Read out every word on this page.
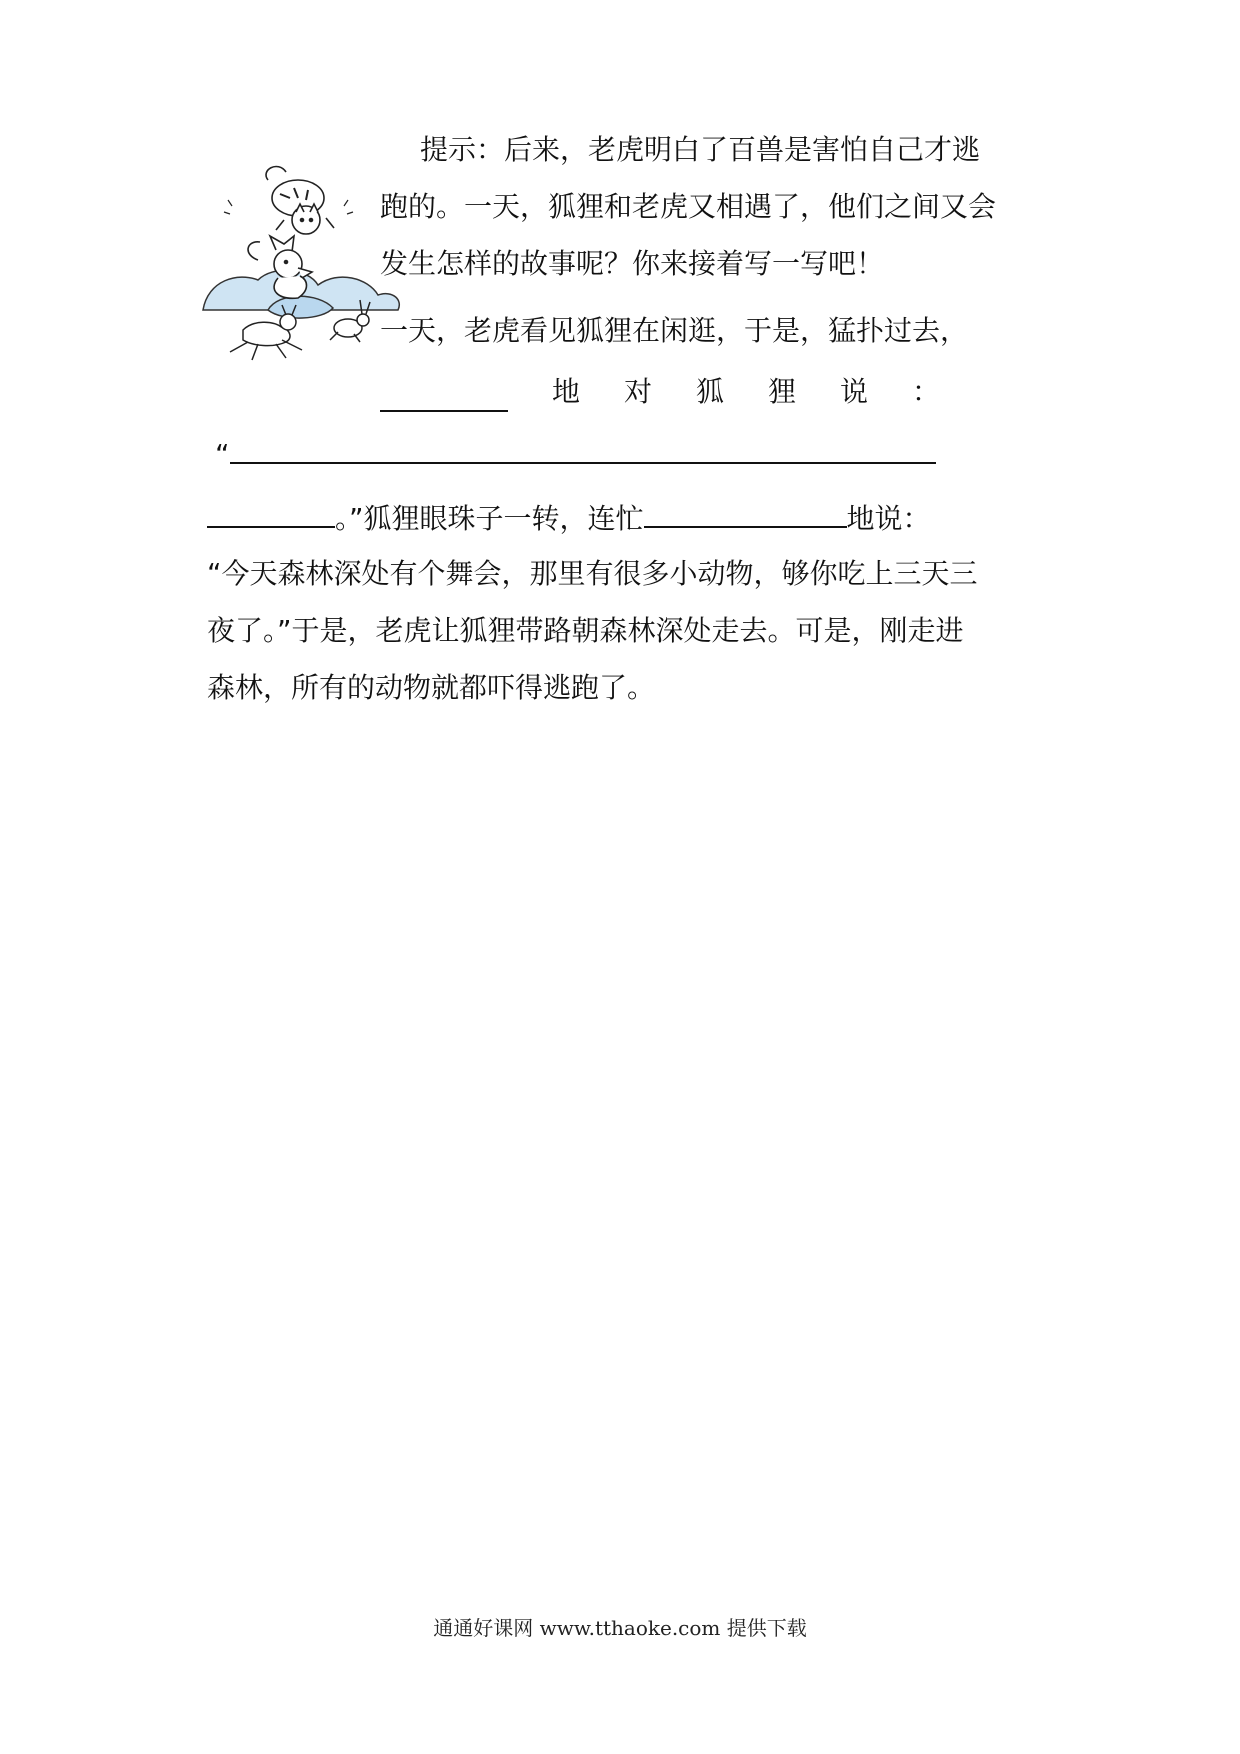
提示：后来，老虎明白了百兽是害怕自己才逃
跑的。一天，狐狸和老虎又相遇了，他们之间又会
发生怎样的故事呢？你来接着写一写吧！
一天，老虎看见狐狸在闲逛，于是，猛扑过去，
地 对 狐 狸 说 ：
“
。”狐狸眼珠子一转，连忙	地说：
“今天森林深处有个舞会，那里有很多小动物，够你吃上三天三
夜了。”于是，老虎让狐狸带路朝森林深处走去。可是，刚走进
森林，所有的动物就都吓得逃跑了。
通通好课网 www.tthaoke.com 提供下载
